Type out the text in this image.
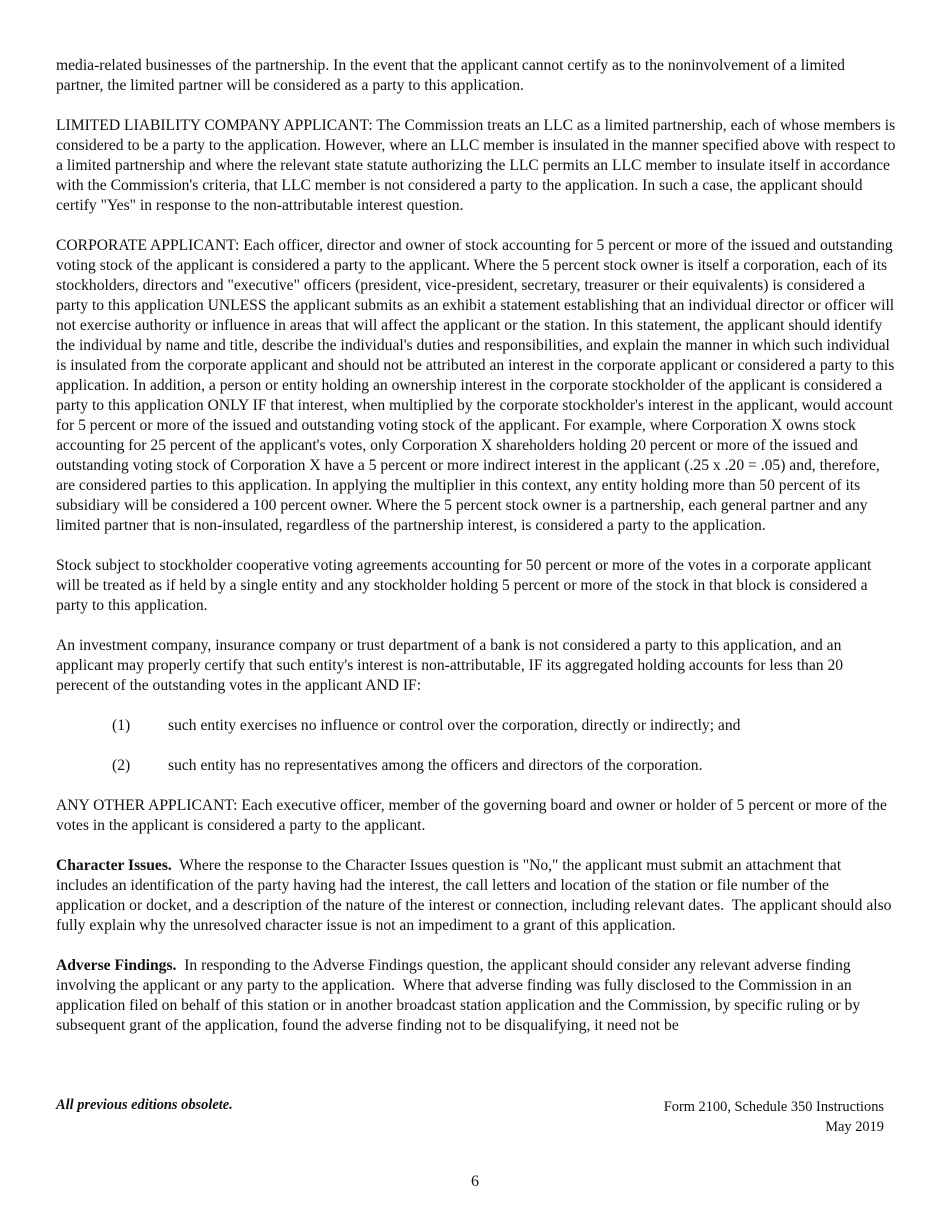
media-related businesses of the partnership. In the event that the applicant cannot certify as to the noninvolvement of a limited partner, the limited partner will be considered as a party to this application.

LIMITED LIABILITY COMPANY APPLICANT: The Commission treats an LLC as a limited partnership, each of whose members is considered to be a party to the application. However, where an LLC member is insulated in the manner specified above with respect to a limited partnership and where the relevant state statute authorizing the LLC permits an LLC member to insulate itself in accordance with the Commission's criteria, that LLC member is not considered a party to the application. In such a case, the applicant should certify "Yes" in response to the non-attributable interest question.

CORPORATE APPLICANT: Each officer, director and owner of stock accounting for 5 percent or more of the issued and outstanding voting stock of the applicant is considered a party to the applicant. Where the 5 percent stock owner is itself a corporation, each of its stockholders, directors and "executive" officers (president, vice-president, secretary, treasurer or their equivalents) is considered a party to this application UNLESS the applicant submits as an exhibit a statement establishing that an individual director or officer will not exercise authority or influence in areas that will affect the applicant or the station. In this statement, the applicant should identify the individual by name and title, describe the individual's duties and responsibilities, and explain the manner in which such individual is insulated from the corporate applicant and should not be attributed an interest in the corporate applicant or considered a party to this application. In addition, a person or entity holding an ownership interest in the corporate stockholder of the applicant is considered a party to this application ONLY IF that interest, when multiplied by the corporate stockholder's interest in the applicant, would account for 5 percent or more of the issued and outstanding voting stock of the applicant. For example, where Corporation X owns stock accounting for 25 percent of the applicant's votes, only Corporation X shareholders holding 20 percent or more of the issued and outstanding voting stock of Corporation X have a 5 percent or more indirect interest in the applicant (.25 x .20 = .05) and, therefore, are considered parties to this application. In applying the multiplier in this context, any entity holding more than 50 percent of its subsidiary will be considered a 100 percent owner. Where the 5 percent stock owner is a partnership, each general partner and any limited partner that is non-insulated, regardless of the partnership interest, is considered a party to the application.

Stock subject to stockholder cooperative voting agreements accounting for 50 percent or more of the votes in a corporate applicant will be treated as if held by a single entity and any stockholder holding 5 percent or more of the stock in that block is considered a party to this application.

An investment company, insurance company or trust department of a bank is not considered a party to this application, and an applicant may properly certify that such entity's interest is non-attributable, IF its aggregated holding accounts for less than 20 perecent of the outstanding votes in the applicant AND IF:

(1)	such entity exercises no influence or control over the corporation, directly or indirectly; and
(2)	such entity has no representatives among the officers and directors of the corporation.

ANY OTHER APPLICANT: Each executive officer, member of the governing board and owner or holder of 5 percent or more of the votes in the applicant is considered a party to the applicant.

Character Issues.  Where the response to the Character Issues question is "No," the applicant must submit an attachment that includes an identification of the party having had the interest, the call letters and location of the station or file number of the application or docket, and a description of the nature of the interest or connection, including relevant dates.  The applicant should also fully explain why the unresolved character issue is not an impediment to a grant of this application.

Adverse Findings.  In responding to the Adverse Findings question, the applicant should consider any relevant adverse finding involving the applicant or any party to the application.  Where that adverse finding was fully disclosed to the Commission in an application filed on behalf of this station or in another broadcast station application and the Commission, by specific ruling or by subsequent grant of the application, found the adverse finding not to be disqualifying, it need not be

All previous editions obsolete.	Form 2100, Schedule 350 Instructions
May 2019
6
